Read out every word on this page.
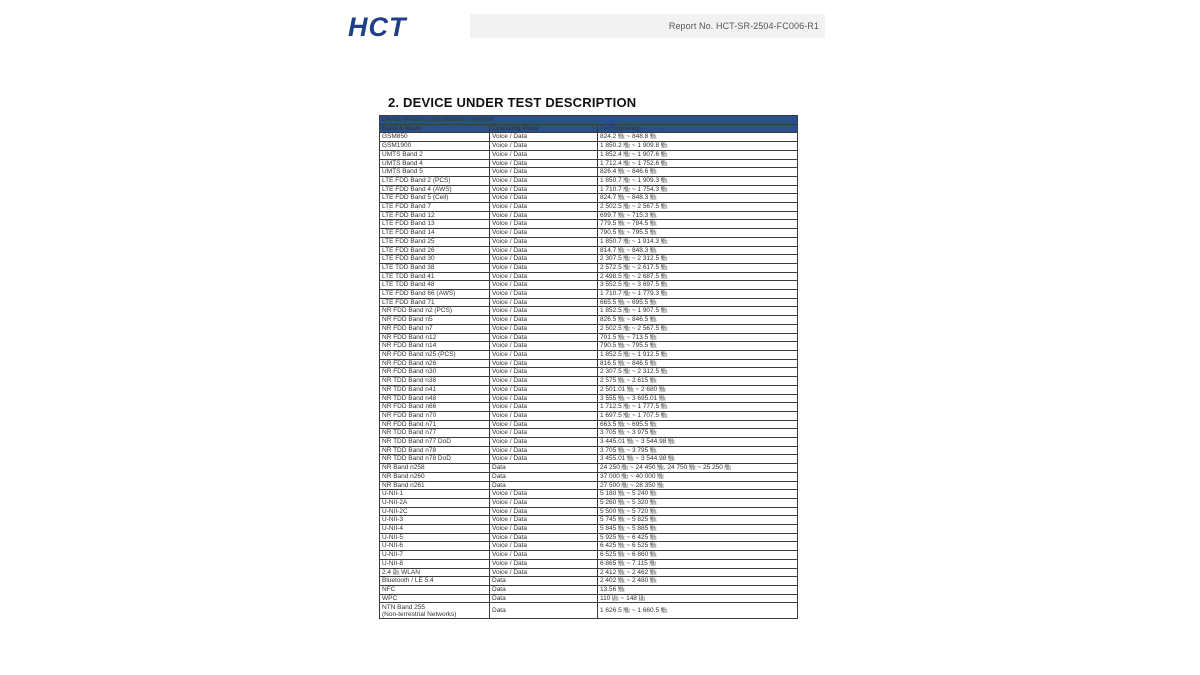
HCT	Report No. HCT-SR-2504-FC006-R1
2. DEVICE UNDER TEST DESCRIPTION
Device Wireless specification overview		
Band & Mode	Operating Mode	Tx Frequency
GSM850	Voice / Data	824.2 ㎒ ~ 848.8 ㎒
GSM1900	Voice / Data	1 850.2 ㎒ ~ 1 909.8 ㎒
UMTS Band 2	Voice / Data	1 852.4 ㎒ ~ 1 907.6 ㎒
UMTS Band 4	Voice / Data	1 712.4 ㎒ ~ 1 752.6 ㎒
UMTS Band 5	Voice / Data	826.4 ㎒ ~ 846.6 ㎒
LTE FDD Band 2 (PCS)	Voice / Data	1 850.7 ㎒ ~ 1 909.3 ㎒
LTE FDD Band 4 (AWS)	Voice / Data	1 710.7 ㎒ ~ 1 754.3 ㎒
LTE FDD Band 5 (Cell)	Voice / Data	824.7 ㎒ ~ 848.3 ㎒
LTE FDD Band 7	Voice / Data	2 502.5 ㎒ ~ 2 567.5 ㎒
LTE FDD Band 12	Voice / Data	699.7 ㎒ ~ 715.3 ㎒
LTE FDD Band 13	Voice / Data	779.5 ㎒ ~ 784.5 ㎒
LTE FDD Band 14	Voice / Data	790.5 ㎒ ~ 795.5 ㎒
LTE FDD Band 25	Voice / Data	1 850.7 ㎒ ~ 1 914.3 ㎒
LTE FDD Band 26	Voice / Data	814.7 ㎒ ~ 848.3 ㎒
LTE FDD Band 30	Voice / Data	2 307.5 ㎒ ~ 2 312.5 ㎒
LTE TDD Band 38	Voice / Data	2 572.5 ㎒ ~ 2 617.5 ㎒
LTE TDD Band 41	Voice / Data	2 498.5 ㎒ ~ 2 687.5 ㎒
LTE TDD Band 48	Voice / Data	3 552.5 ㎒ ~ 3 697.5 ㎒
LTE FDD Band 66 (AWS)	Voice / Data	1 710.7 ㎒ ~ 1 779.3 ㎒
LTE FDD Band 71	Voice / Data	665.5 ㎒ ~ 695.5 ㎒
NR FDD Band n2 (PCS)	Voice / Data	1 852.5 ㎒ ~ 1 907.5 ㎒
NR FDD Band n5	Voice / Data	826.5 ㎒ ~ 846.5 ㎒
NR FDD Band n7	Voice / Data	2 502.5 ㎒ ~ 2 567.5 ㎒
NR FDD Band n12	Voice / Data	701.5 ㎒ ~ 713.5 ㎒
NR FDD Band n14	Voice / Data	790.5 ㎒ ~ 795.5 ㎒
NR FDD Band n25 (PCS)	Voice / Data	1 852.5 ㎒ ~ 1 912.5 ㎒
NR FDD Band n26	Voice / Data	816.5 ㎒ ~ 846.5 ㎒
NR FDD Band n30	Voice / Data	2 307.5 ㎒ ~ 2 312.5 ㎒
NR TDD Band n38	Voice / Data	2 575 ㎒ ~ 2 615 ㎒
NR TDD Band n41	Voice / Data	2 501.01 ㎒ ~ 2 680 ㎒
NR TDD Band n48	Voice / Data	3 555 ㎒ ~ 3 695.01 ㎒
NR FDD Band n66	Voice / Data	1 712.5 ㎒ ~ 1 777.5 ㎒
NR FDD Band n70	Voice / Data	1 697.5 ㎒ ~ 1 707.5 ㎒
NR FDD Band n71	Voice / Data	663.5 ㎒ ~ 695.5 ㎒
NR TDD Band n77	Voice / Data	3 705 ㎒ ~ 3 975 ㎒
NR TDD Band n77 DoD	Voice / Data	3 445.01 ㎒ ~ 3 544.98 ㎒
NR TDD Band n78	Voice / Data	3 705 ㎒ ~ 3 795 ㎒
NR TDD Band n78 DoD	Voice / Data	3 455.01 ㎒ ~ 3 544.98 ㎒
NR Band n258	Data	24 250 ㎒ ~ 24 450 ㎒, 24 750 ㎒ ~ 25 250 ㎒
NR Band n260	Data	37 000 ㎒ ~ 40 000 ㎒
NR Band n261	Data	27 500 ㎒ ~ 28 350 ㎒
U-NII-1	Voice / Data	5 180 ㎒ ~ 5 240 ㎒
U-NII-2A	Voice / Data	5 260 ㎒ ~ 5 320 ㎒
U-NII-2C	Voice / Data	5 500 ㎒ ~ 5 720 ㎒
U-NII-3	Voice / Data	5 745 ㎒ ~ 5 825 ㎒
U-NII-4	Voice / Data	5 845 ㎒ ~ 5 885 ㎒
U-NII-5	Voice / Data	5 925 ㎒ ~ 6 425 ㎒
U-NII-6	Voice / Data	6 425 ㎒ ~ 6 525 ㎒
U-NII-7	Voice / Data	6 525 ㎒ ~ 6 860 ㎒
U-NII-8	Voice / Data	6 865 ㎒ ~ 7 115 ㎒
2.4 ㎓ WLAN	Voice / Data	2 412 ㎒ ~ 2 462 ㎒
Bluetooth / LE 5.4	Data	2 402 ㎒ ~ 2 480 ㎒
NFC	Data	13.56 ㎒
WPC	Data	110 ㎑ ~ 148 ㎑
NTN Band 255
(Non-terrestrial Networks)	Data	1 626.5 ㎒ ~ 1 660.5 ㎒
